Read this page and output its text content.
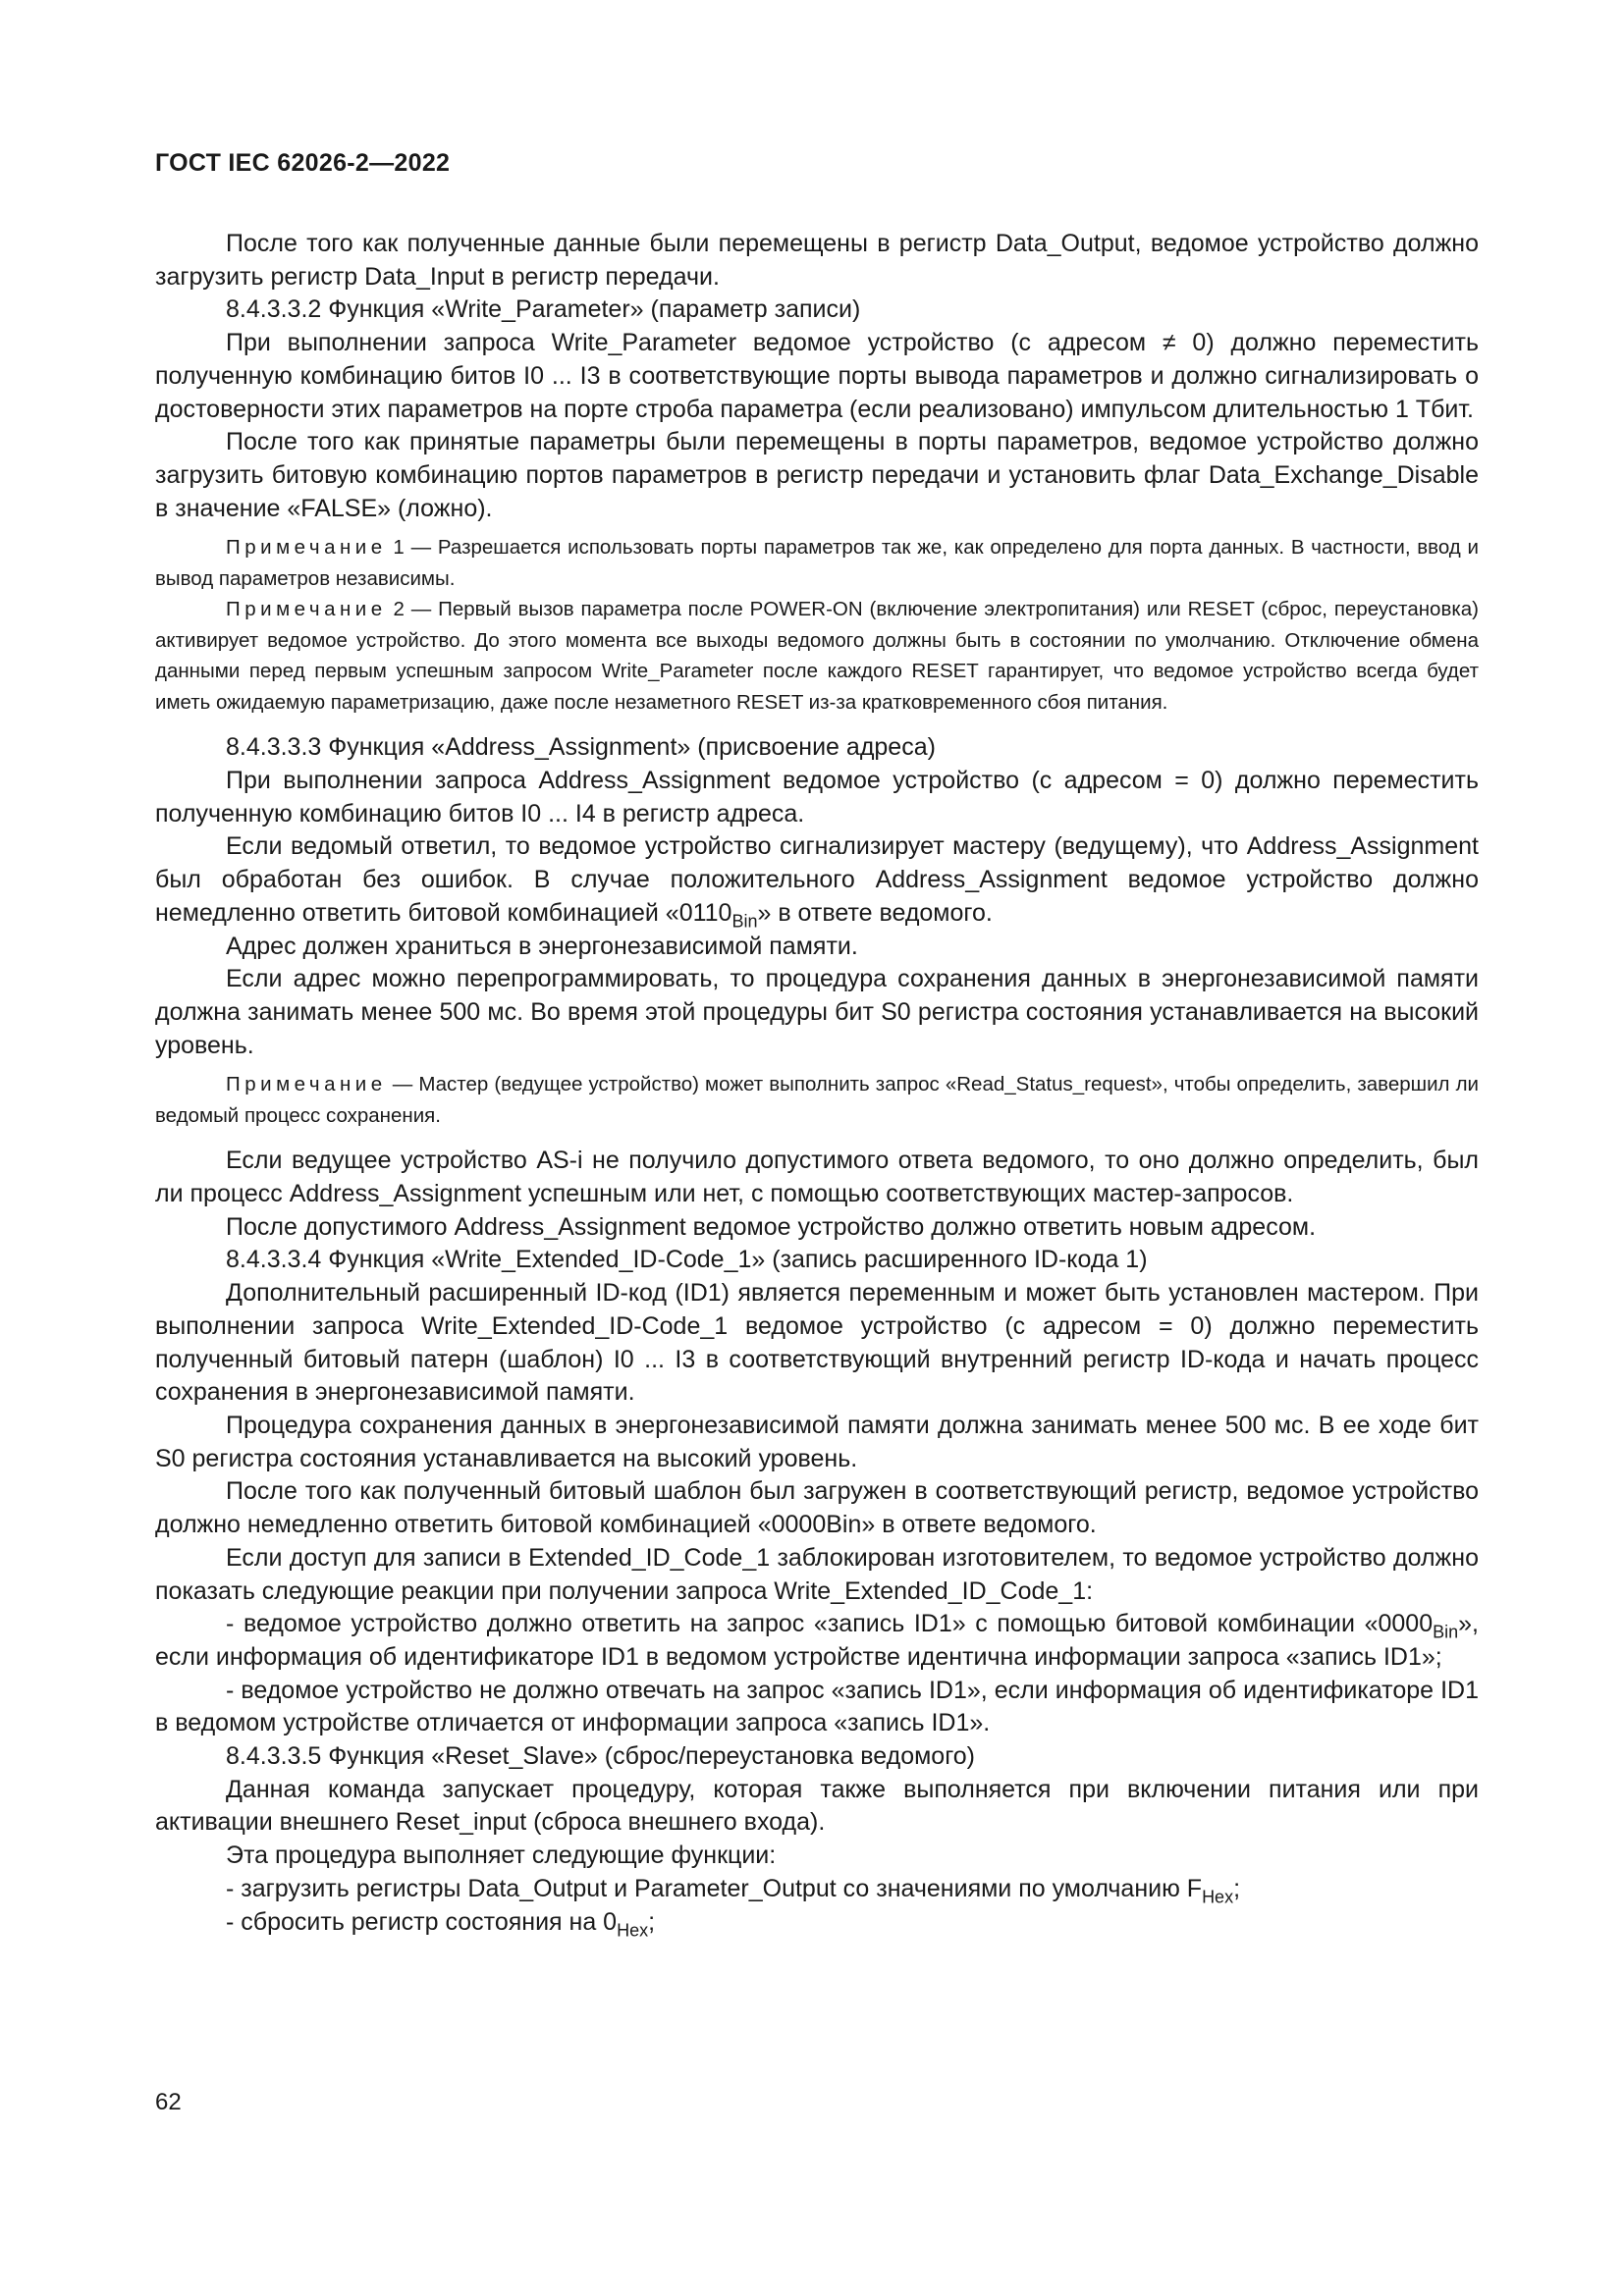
ГОСТ IEC 62026-2—2022

После того как полученные данные были перемещены в регистр Data_Output, ведомое устройство должно загрузить регистр Data_Input в регистр передачи.

8.4.3.3.2 Функция «Write_Parameter» (параметр записи)

При выполнении запроса Write_Parameter ведомое устройство (с адресом ≠ 0) должно переместить полученную комбинацию битов I0 ... I3 в соответствующие порты вывода параметров и должно сигнализировать о достоверности этих параметров на порте строба параметра (если реализовано) импульсом длительностью 1 Tбит.

После того как принятые параметры были перемещены в порты параметров, ведомое устройство должно загрузить битовую комбинацию портов параметров в регистр передачи и установить флаг Data_Exchange_Disable в значение «FALSE» (ложно).

Примечание 1 — Разрешается использовать порты параметров так же, как определено для порта данных. В частности, ввод и вывод параметров независимы.
Примечание 2 — Первый вызов параметра после POWER-ON (включение электропитания) или RESET (сброс, переустановка) активирует ведомое устройство. До этого момента все выходы ведомого должны быть в состоянии по умолчанию. Отключение обмена данными перед первым успешным запросом Write_Parameter после каждого RESET гарантирует, что ведомое устройство всегда будет иметь ожидаемую параметризацию, даже после незаметного RESET из-за кратковременного сбоя питания.

8.4.3.3.3 Функция «Address_Assignment» (присвоение адреса)

При выполнении запроса Address_Assignment ведомое устройство (с адресом = 0) должно переместить полученную комбинацию битов I0 ... I4 в регистр адреса.

Если ведомый ответил, то ведомое устройство сигнализирует мастеру (ведущему), что Address_Assignment был обработан без ошибок. В случае положительного Address_Assignment ведомое устройство должно немедленно ответить битовой комбинацией «$0110_{Bin}$» в ответе ведомого.

Адрес должен храниться в энергонезависимой памяти.

Если адрес можно перепрограммировать, то процедура сохранения данных в энергонезависимой памяти должна занимать менее 500 мс. Во время этой процедуры бит S0 регистра состояния устанавливается на высокий уровень.

Примечание — Мастер (ведущее устройство) может выполнить запрос «Read_Status_request», чтобы определить, завершил ли ведомый процесс сохранения.

Если ведущее устройство AS-i не получило допустимого ответа ведомого, то оно должно определить, был ли процесс Address_Assignment успешным или нет, с помощью соответствующих мастер-запросов.

После допустимого Address_Assignment ведомое устройство должно ответить новым адресом.

8.4.3.3.4 Функция «Write_Extended_ID-Code_1» (запись расширенного ID-кода 1)

Дополнительный расширенный ID-код (ID1) является переменным и может быть установлен мастером. При выполнении запроса Write_Extended_ID-Code_1 ведомое устройство (с адресом = 0) должно переместить полученный битовый патерн (шаблон) I0 ... I3 в соответствующий внутренний регистр ID-кода и начать процесс сохранения в энергонезависимой памяти.

Процедура сохранения данных в энергонезависимой памяти должна занимать менее 500 мс. В ее ходе бит S0 регистра состояния устанавливается на высокий уровень.

После того как полученный битовый шаблон был загружен в соответствующий регистр, ведомое устройство должно немедленно ответить битовой комбинацией «0000Bin» в ответе ведомого.

Если доступ для записи в Extended_ID_Code_1 заблокирован изготовителем, то ведомое устройство должно показать следующие реакции при получении запроса Write_Extended_ID_Code_1:

- ведомое устройство должно ответить на запрос «запись ID1» с помощью битовой комбинации «$0000_{Bin}$», если информация об идентификаторе ID1 в ведомом устройстве идентична информации запроса «запись ID1»;

- ведомое устройство не должно отвечать на запрос «запись ID1», если информация об идентификаторе ID1 в ведомом устройстве отличается от информации запроса «запись ID1».

8.4.3.3.5 Функция «Reset_Slave» (сброс/переустановка ведомого)

Данная команда запускает процедуру, которая также выполняется при включении питания или при активации внешнего Reset_input (сброса внешнего входа).

Эта процедура выполняет следующие функции:

- загрузить регистры Data_Output и Parameter_Output со значениями по умолчанию $F_{Hex}$;

- сбросить регистр состояния на $0_{Hex}$;

62
